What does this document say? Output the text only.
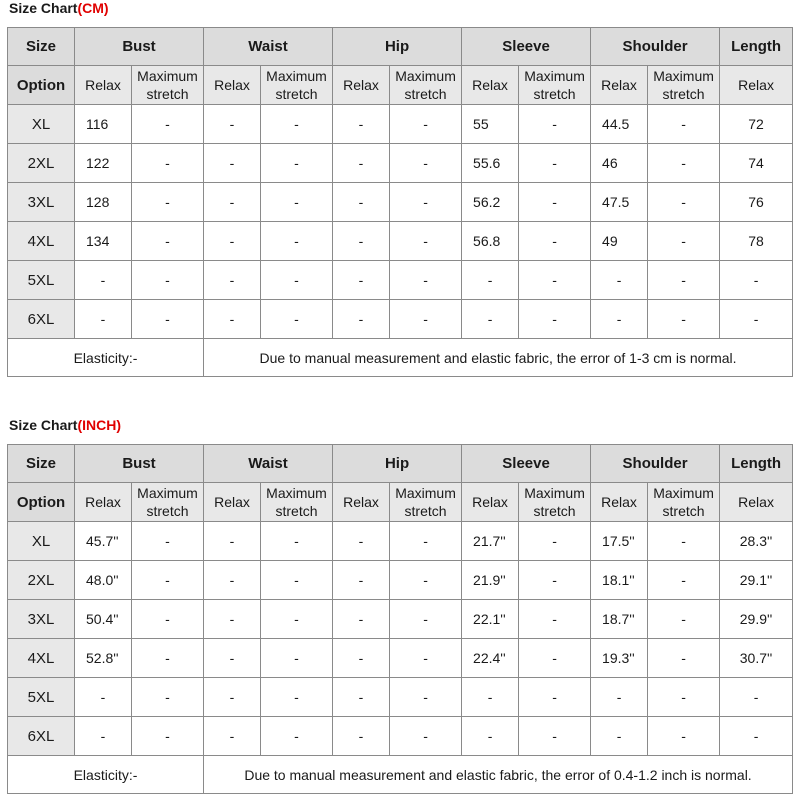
Size Chart(CM)
Size	Bust		Waist		Hip		Sleeve		Shoulder		Length
Option	Relax	Maximum stretch	Relax	Maximum stretch	Relax	Maximum stretch	Relax	Maximum stretch	Relax	Maximum stretch	Relax
XL	116	-	-	-	-	-	55	-	44.5	-	72
2XL	122	-	-	-	-	-	55.6	-	46	-	74
3XL	128	-	-	-	-	-	56.2	-	47.5	-	76
4XL	134	-	-	-	-	-	56.8	-	49	-	78
5XL	-	-	-	-	-	-	-	-	-	-	-
6XL	-	-	-	-	-	-	-	-	-	-	-
Elasticity:-			Due to manual measurement and elastic fabric, the error of 1-3 cm is normal.								
Size Chart(INCH)
Size	Bust		Waist		Hip		Sleeve		Shoulder		Length
Option	Relax	Maximum stretch	Relax	Maximum stretch	Relax	Maximum stretch	Relax	Maximum stretch	Relax	Maximum stretch	Relax
XL	45.7''	-	-	-	-	-	21.7''	-	17.5''	-	28.3''
2XL	48.0''	-	-	-	-	-	21.9''	-	18.1''	-	29.1''
3XL	50.4''	-	-	-	-	-	22.1''	-	18.7''	-	29.9''
4XL	52.8''	-	-	-	-	-	22.4''	-	19.3''	-	30.7''
5XL	-	-	-	-	-	-	-	-	-	-	-
6XL	-	-	-	-	-	-	-	-	-	-	-
Elasticity:-			Due to manual measurement and elastic fabric, the error of 0.4-1.2 inch is normal.								
